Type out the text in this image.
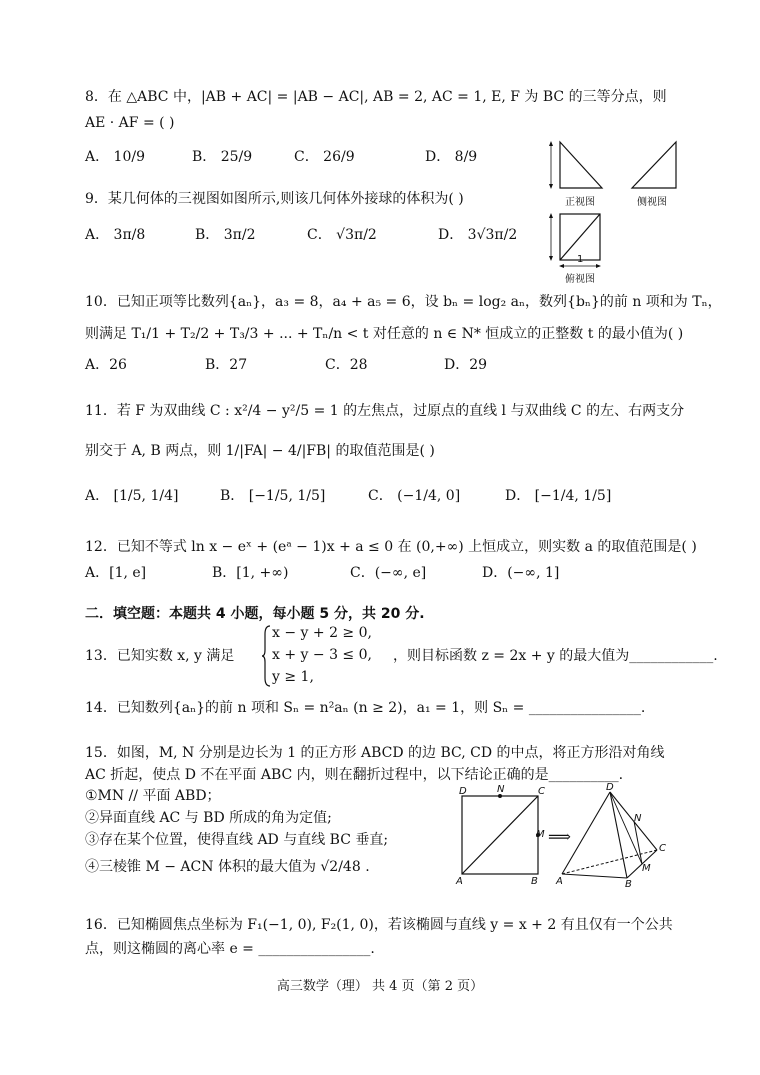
8．在 △ABC 中，|AB + AC| = |AB − AC|, AB = 2, AC = 1, E, F 为 BC 的三等分点，则
AE · AF = ( )
A． 10/9	B． 25/9	C． 26/9	D． 8/9
9．某几何体的三视图如图所示,则该几何体外接球的体积为( )
A． 3π/8	B． 3π/2	C． √3π/2	D． 3√3π/2
正视图	侧视图
1
俯视图
10．已知正项等比数列{aₙ}，a₃ = 8，a₄ + a₅ = 6，设 bₙ = log₂ aₙ，数列{bₙ}的前 n 项和为 Tₙ，
则满足 T₁/1 + T₂/2 + T₃/3 + ... + Tₙ/n < t 对任意的 n ∈ N* 恒成立的正整数 t 的最小值为( )
A．26	B．27	C．28	D．29
11．若 F 为双曲线 C : x²/4 − y²/5 = 1 的左焦点，过原点的直线 l 与双曲线 C 的左、右两支分
别交于 A, B 两点，则 1/|FA| − 4/|FB| 的取值范围是( )
A． [1/5, 1/4]	B． [−1/5, 1/5]	C． (−1/4, 0]	D． [−1/4, 1/5]
12．已知不等式 ln x − eˣ + (eᵃ − 1)x + a ≤ 0 在 (0,+∞) 上恒成立，则实数 a 的取值范围是( )
A．[1, e]	B．[1, +∞)	C．(−∞, e]	D．(−∞, 1]
二．填空题：本题共 4 小题，每小题 5 分，共 20 分.
13．已知实数 x, y 满足
x − y + 2 ≥ 0,
x + y − 3 ≤ 0,
y ≥ 1,
，则目标函数 z = 2x + y 的最大值为____________.
14．已知数列{aₙ}的前 n 项和 Sₙ = n²aₙ (n ≥ 2)，a₁ = 1，则 Sₙ = ________________.
15．如图，M, N 分别是边长为 1 的正方形 ABCD 的边 BC, CD 的中点，将正方形沿对角线
AC 折起，使点 D 不在平面 ABC 内，则在翻折过程中，以下结论正确的是__________.
①MN // 平面 ABD；
②异面直线 AC 与 BD 所成的角为定值;
③存在某个位置，使得直线 AD 与直线 BC 垂直;
④三棱锥 M − ACN 体积的最大值为 √2/48 .
D	N	C
M
A	B
⟹
D
N
C
M
A	B
16．已知椭圆焦点坐标为 F₁(−1, 0), F₂(1, 0)，若该椭圆与直线 y = x + 2 有且仅有一个公共
点，则这椭圆的离心率 e = ________________.
高三数学（理） 共 4 页（第 2 页）
